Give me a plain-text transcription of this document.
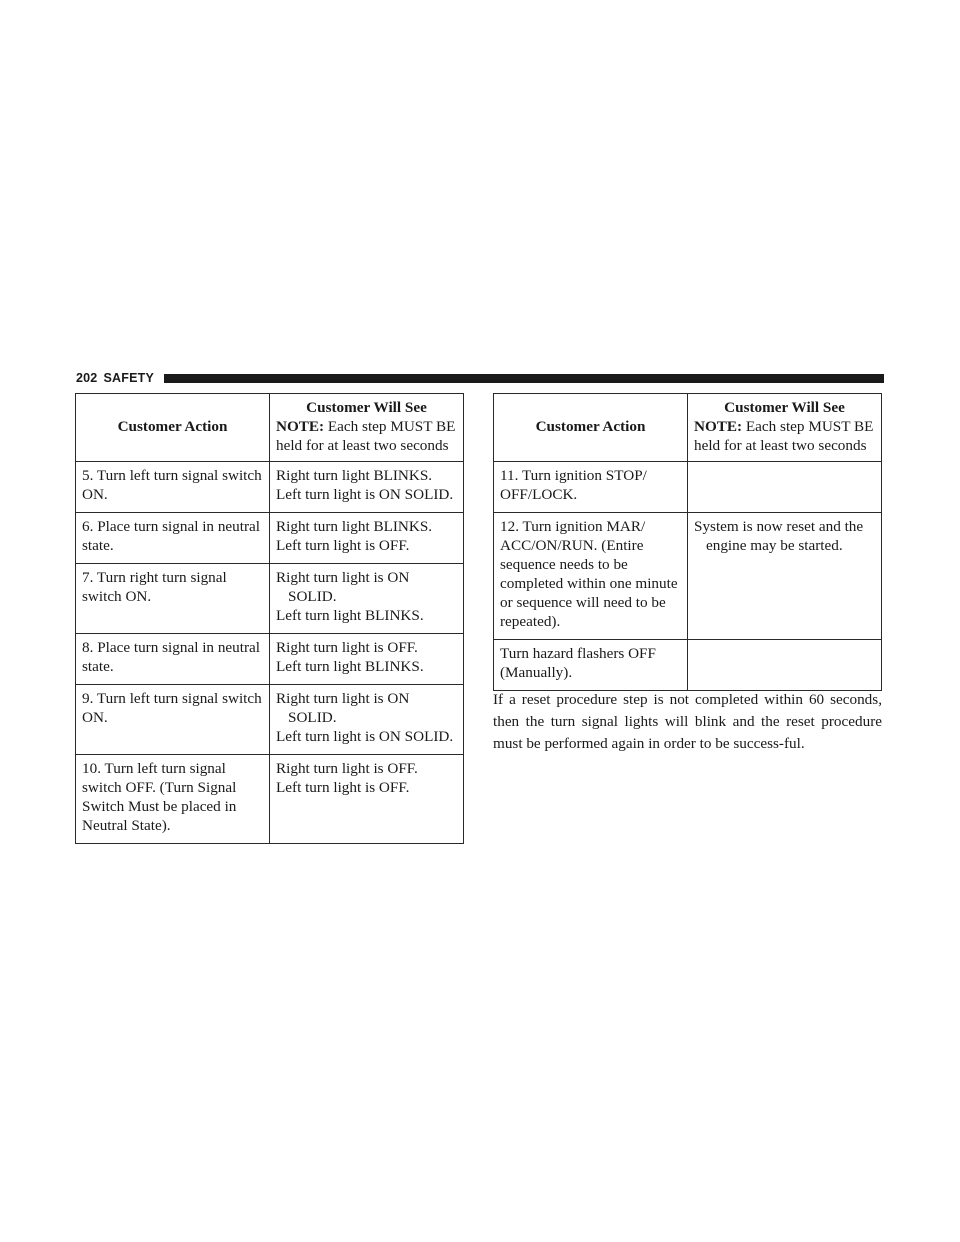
202 SAFETY
Customer Action	Customer Will See
NOTE: Each step MUST BE held for at least two seconds

5. Turn left turn signal switch ON.	Right turn light BLINKS.
Left turn light is ON SOLID.

6. Place turn signal in neutral state.	Right turn light BLINKS.
Left turn light is OFF.

7. Turn right turn signal switch ON.	Right turn light is ON SOLID.
Left turn light BLINKS.

8. Place turn signal in neutral state.	Right turn light is OFF.
Left turn light BLINKS.

9. Turn left turn signal switch ON.	Right turn light is ON SOLID.
Left turn light is ON SOLID.

10. Turn left turn signal switch OFF. (Turn Signal Switch Must be placed in Neutral State).	Right turn light is OFF.
Left turn light is OFF.
Customer Action	Customer Will See
NOTE: Each step MUST BE held for at least two seconds

11. Turn ignition STOP/ OFF/LOCK.	
12. Turn ignition MAR/ ACC/ON/RUN. (Entire sequence needs to be completed within one minute or sequence will need to be repeated).	System is now reset and the engine may be started.

Turn hazard flashers OFF (Manually).	

If a reset procedure step is not completed within 60 seconds, then the turn signal lights will blink and the reset procedure must be performed again in order to be success-ful.
